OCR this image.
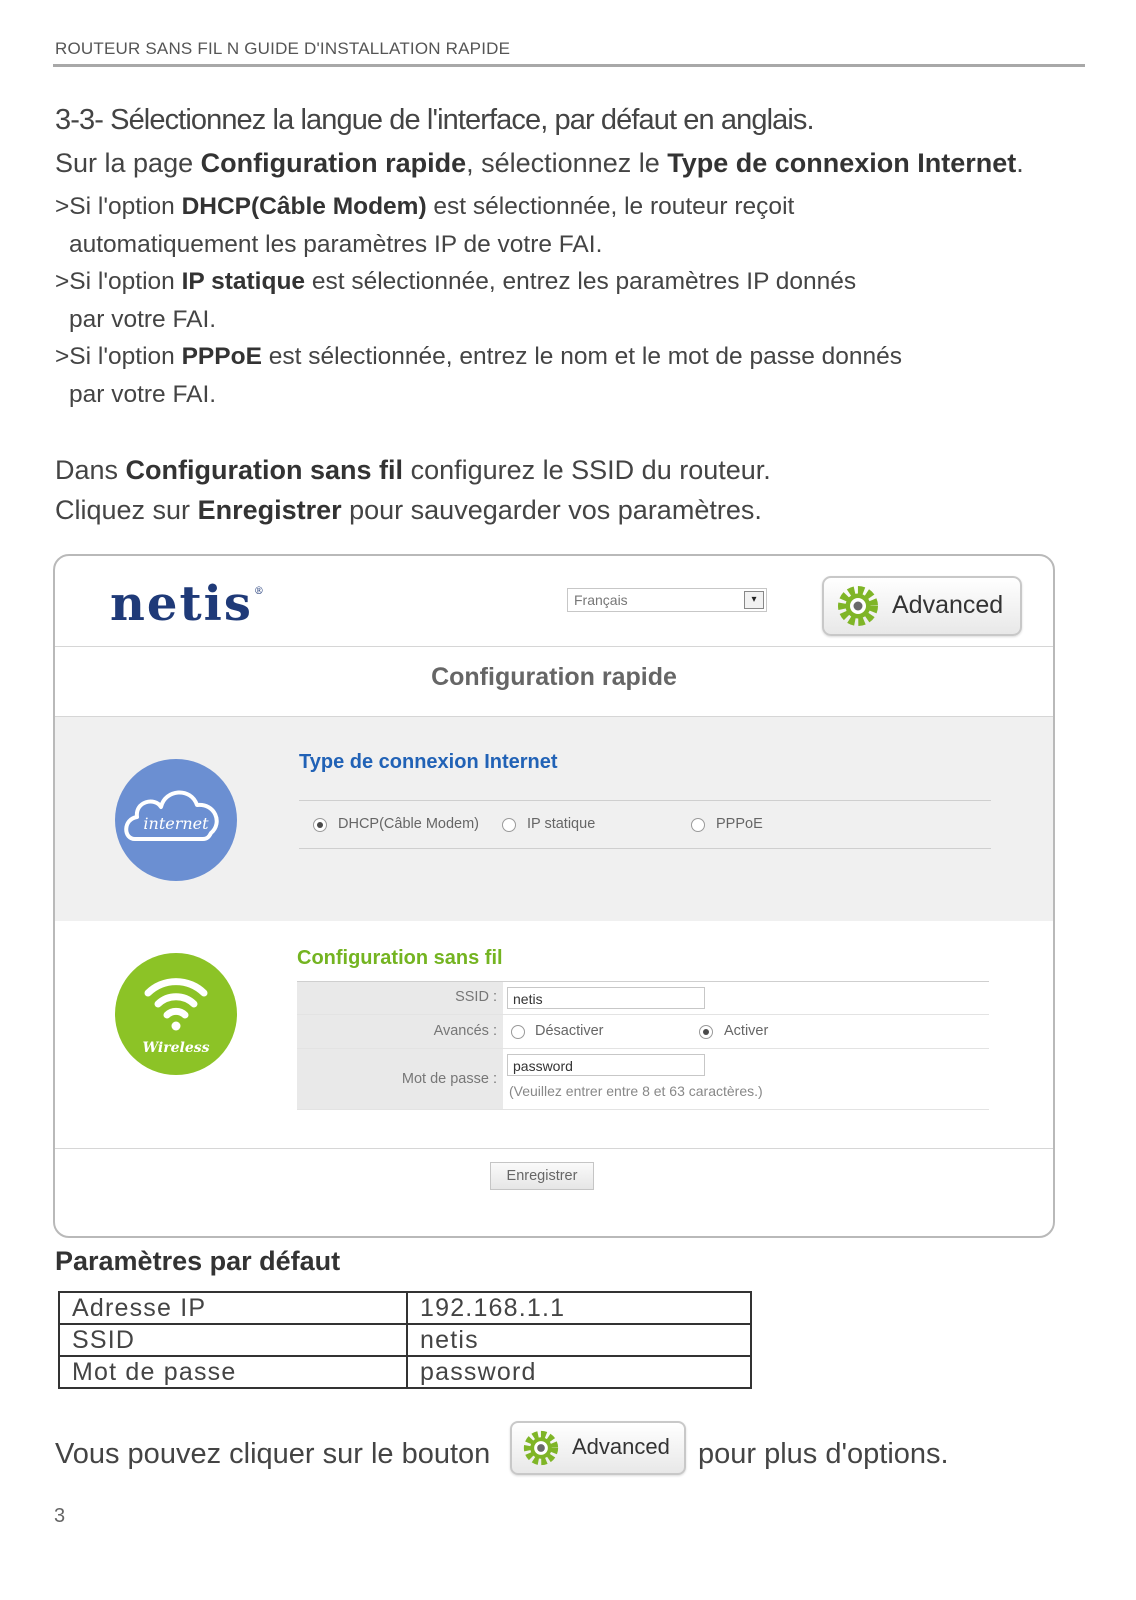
ROUTEUR SANS FIL N GUIDE D'INSTALLATION RAPIDE
3-3- Sélectionnez la langue de l'interface, par défaut en anglais.
Sur la page Configuration rapide, sélectionnez le Type de connexion Internet.
>Si l'option DHCP(Câble Modem) est sélectionnée, le routeur reçoit
automatiquement les paramètres IP de votre FAI.
>Si l'option IP statique est sélectionnée, entrez les paramètres IP donnés
par votre FAI.
>Si l'option PPPoE est sélectionnée, entrez le nom et le mot de passe donnés
par votre FAI.
Dans Configuration sans fil configurez le SSID du routeur.
Cliquez sur Enregistrer pour sauvegarder vos paramètres.
netis®
Français	▾	Advanced
Configuration rapide
internet
Type de connexion Internet
DHCP(Câble Modem)	IP statique	PPPoE
Wireless
Configuration sans fil
SSID :	netis
Avancés :	Désactiver	Activer
Mot de passe :
password
(Veuillez entrer entre 8 et 63 caractères.)
Enregistrer
Paramètres par défaut
Adresse IP	192.168.1.1
SSID	netis
Mot de passe	password
Vous pouvez cliquer sur le bouton	Advanced pour plus d'options.
3
